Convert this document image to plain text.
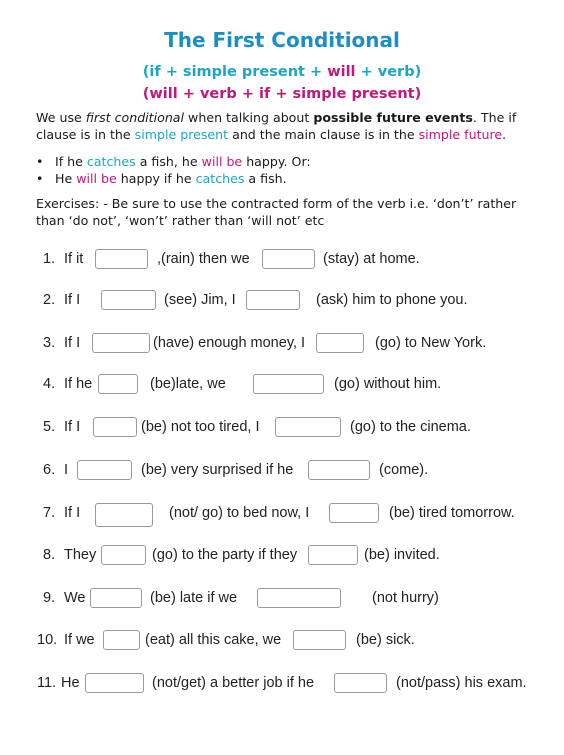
The First Conditional
(if + simple present + will + verb)
(will + verb + if + simple present)
We use first conditional when talking about possible future events. The if clause is in the simple present and the main clause is in the simple future.
• If he catches a fish, he will be happy. Or:
• He will be happy if he catches a fish.
Exercises: - Be sure to use the contracted form of the verb i.e. ‘don’t’ rather than ‘do not’, ‘won’t’ rather than ‘will not’ etc
1. If it	,(rain) then we	(stay) at home.
2. If I	(see) Jim, I	(ask) him to phone you.
3. If I	(have) enough money, I	(go) to New York.
4. If he	(be)late, we	(go) without him.
5. If I	(be) not too tired, I	(go) to the cinema.
6. I	(be) very surprised if he	(come).
7. If I	(not/ go) to bed now, I	(be) tired tomorrow.
8. They	(go) to the party if they	(be) invited.
9. We	(be) late if we	(not hurry)
10. If we	(eat) all this cake, we	(be) sick.
11. He	(not/get) a better job if he	(not/pass) his exam.
